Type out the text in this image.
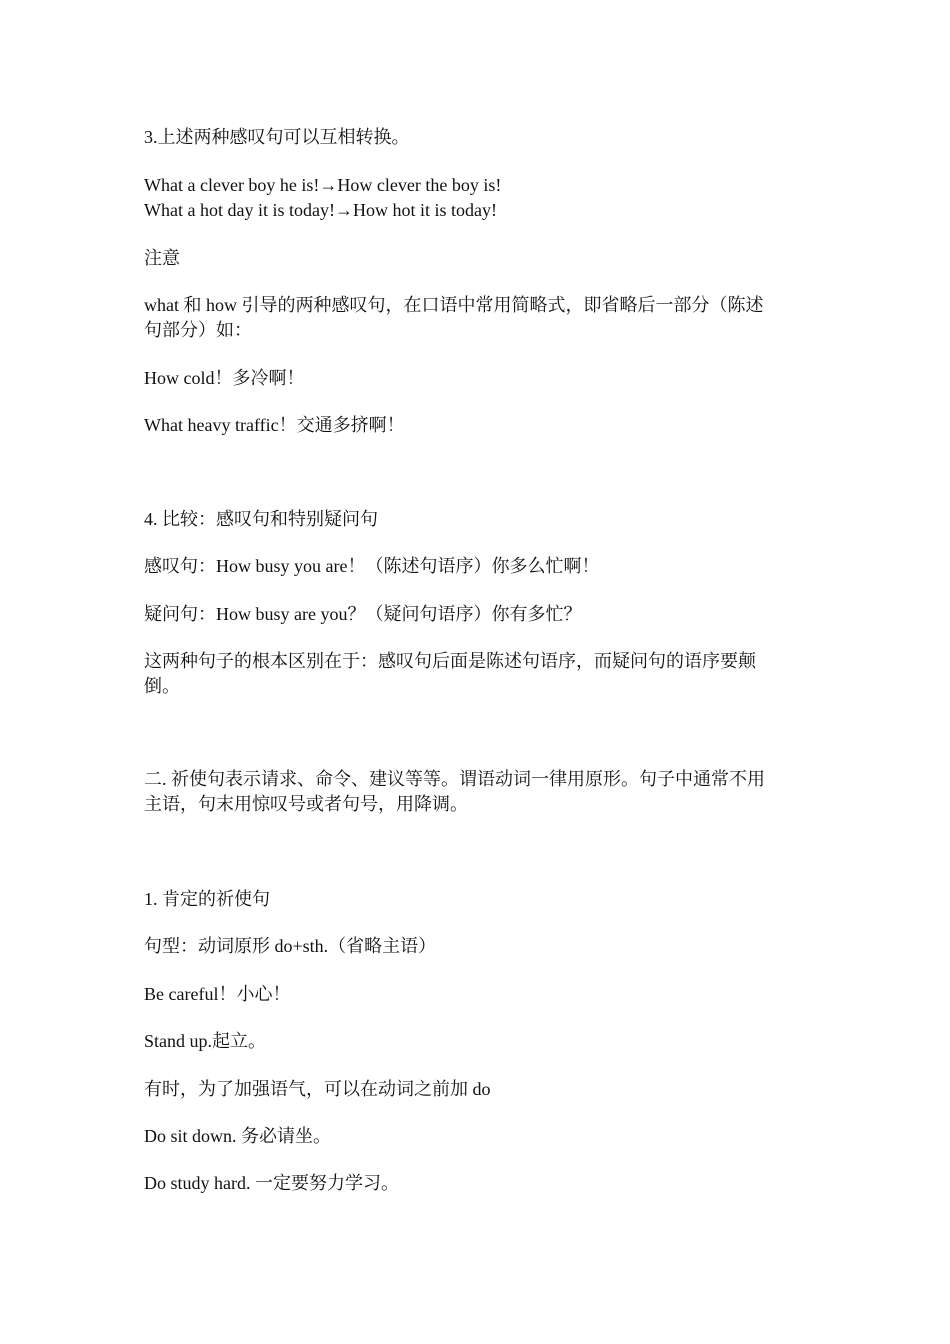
3.上述两种感叹句可以互相转换。
What a clever boy he is!→How clever the boy is!
What a hot day it is today!→How hot it is today!
注意
what 和 how 引导的两种感叹句，在口语中常用简略式，即省略后一部分（陈述
句部分）如：
How cold！多冷啊！
What heavy traffic！交通多挤啊！
4. 比较：感叹句和特别疑问句
感叹句：How busy you are！（陈述句语序）你多么忙啊！
疑问句：How busy are you？（疑问句语序）你有多忙？
这两种句子的根本区别在于：感叹句后面是陈述句语序，而疑问句的语序要颠
倒。
二. 祈使句表示请求、命令、建议等等。谓语动词一律用原形。句子中通常不用
主语，句末用惊叹号或者句号，用降调。
1. 肯定的祈使句
句型：动词原形 do+sth.（省略主语）
Be careful！小心！
Stand up.起立。
有时，为了加强语气，可以在动词之前加 do
Do sit down. 务必请坐。
Do study hard. 一定要努力学习。
